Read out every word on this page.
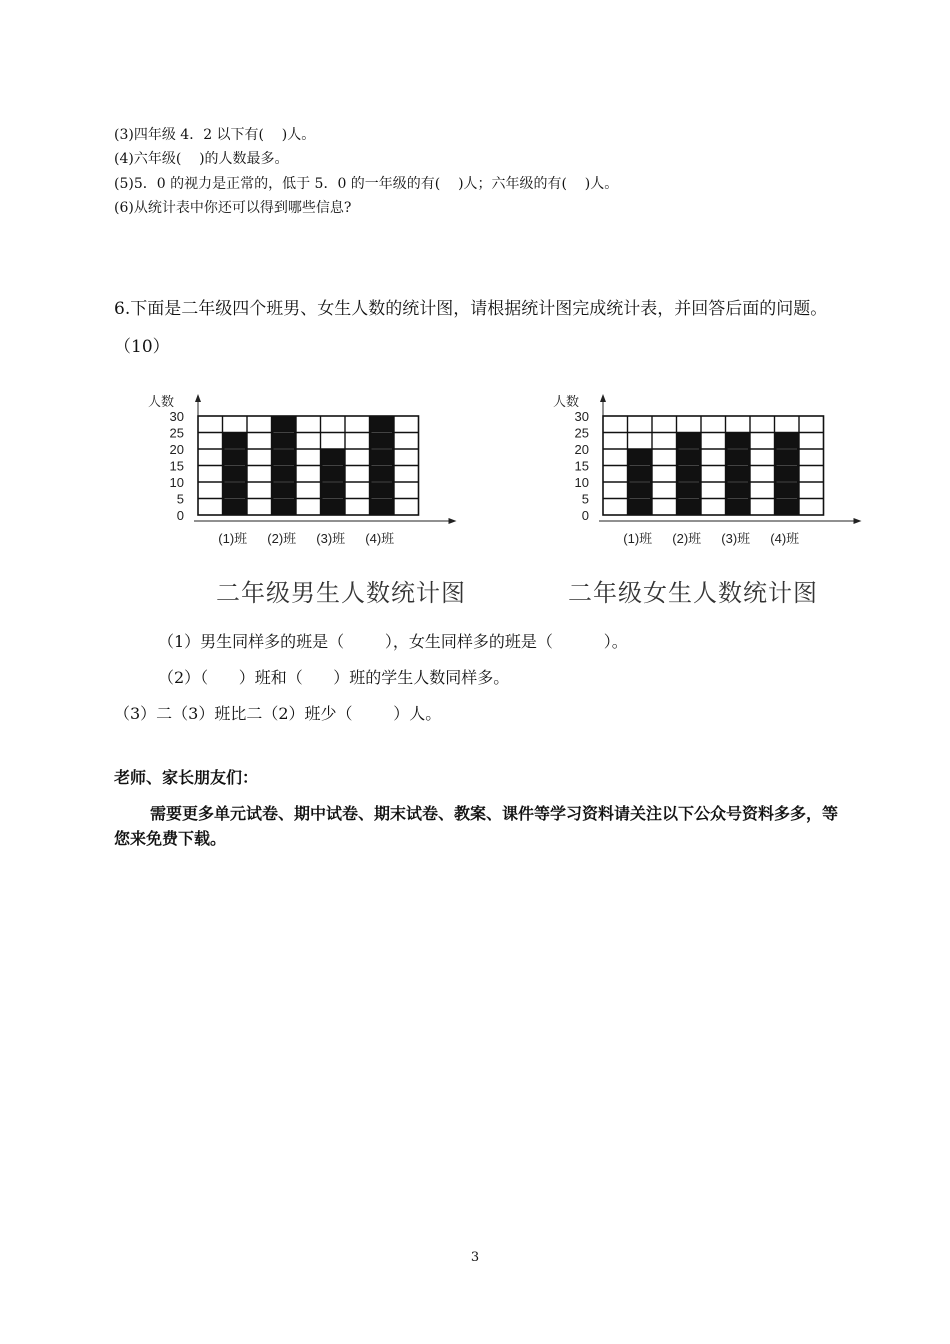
(3)四年级 4．2 以下有(    )人。
(4)六年级(    )的人数最多。
(5)5．0 的视力是正常的，低于 5．0 的一年级的有(    )人；六年级的有(    )人。
(6)从统计表中你还可以得到哪些信息?
6.下面是二年级四个班男、女生人数的统计图，请根据统计图完成统计表，并回答后面的问题。（10）
人数
0
5
10
15
20
25
30
(1)班 (2)班 (3)班 (4)班
人数
0
5
10
15
20
25
30
(1)班 (2)班 (3)班 (4)班
二年级男生人数统计图	二年级女生人数统计图
（1）男生同样多的班是（        ），女生同样多的班是（          ）。
（2）（      ）班和（      ）班的学生人数同样多。
（3）二（3）班比二（2）班少（        ）人。
老师、家长朋友们：
需要更多单元试卷、期中试卷、期末试卷、教案、课件等学习资料请关注以下公众号资料多多，等您来免费下载。
3
